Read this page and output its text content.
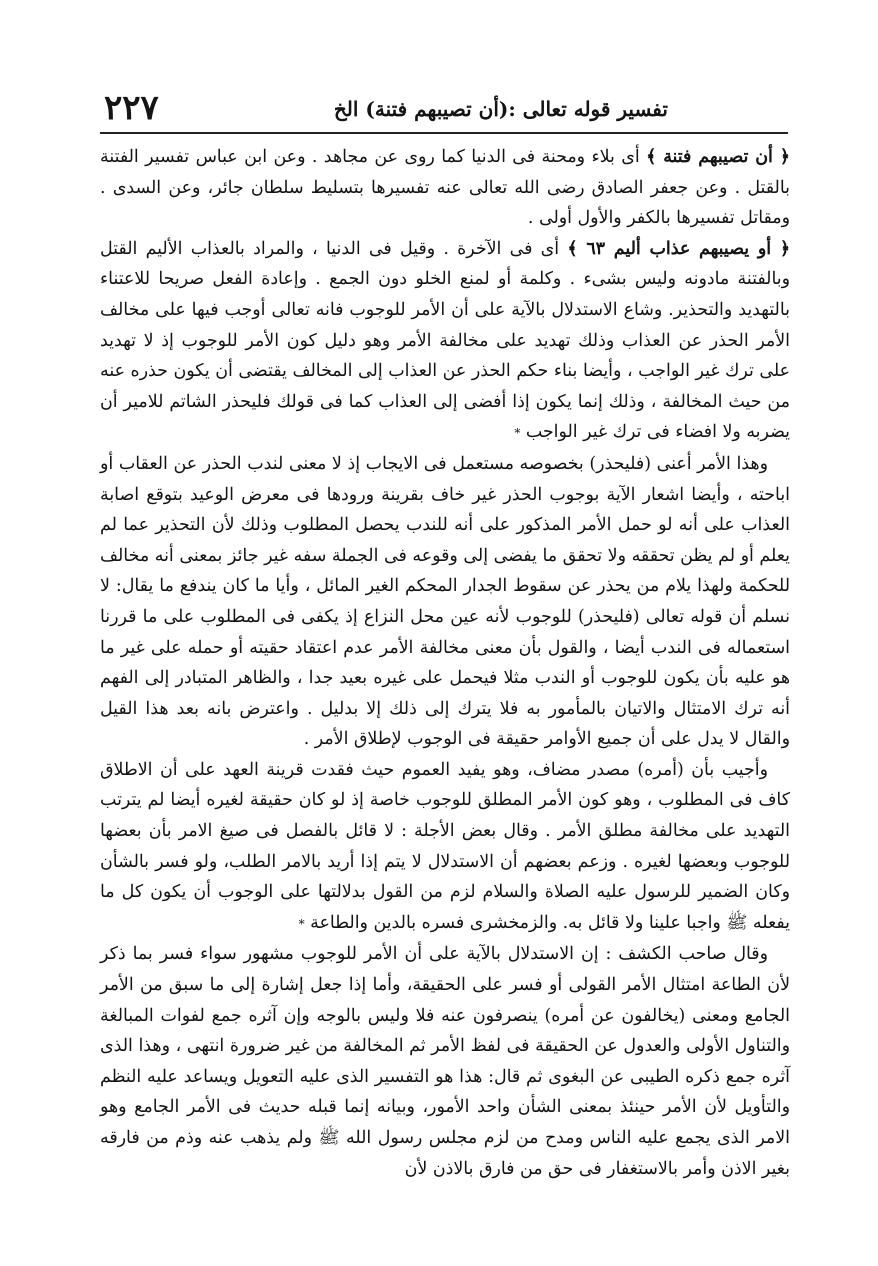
٢٢٧	تفسير قوله تعالى :(أن تصيبهم فتنة) الخ

﴿ أن تصيبهم فتنة ﴾ أى بلاء ومحنة فى الدنيا كما روى عن مجاهد . وعن ابن عباس تفسير الفتنة بالقتل . وعن جعفر الصادق رضى الله تعالى عنه تفسيرها بتسليط سلطان جائر، وعن السدى . ومقاتل تفسيرها بالكفر والأول أولى .

﴿ أو يصيبهم عذاب أليم ٦٣ ﴾ أى فى الآخرة . وقيل فى الدنيا ، والمراد بالعذاب الأليم القتل وبالفتنة مادونه وليس بشىء . وكلمة أو لمنع الخلو دون الجمع . وإعادة الفعل صريحا للاعتناء بالتهديد والتحذير. وشاع الاستدلال بالآية على أن الأمر للوجوب فانه تعالى أوجب فيها على مخالف الأمر الحذر عن العذاب وذلك تهديد على مخالفة الأمر وهو دليل كون الأمر للوجوب إذ لا تهديد على ترك غير الواجب ، وأيضا بناء حكم الحذر عن العذاب إلى المخالف يقتضى أن يكون حذره عنه من حيث المخالفة ، وذلك إنما يكون إذا أفضى إلى العذاب كما فى قولك فليحذر الشاتم للامير أن يضربه ولا افضاء فى ترك غير الواجب *

وهذا الأمر أعنى (فليحذر) بخصوصه مستعمل فى الايجاب إذ لا معنى لندب الحذر عن العقاب أو اباحته ، وأيضا اشعار الآية بوجوب الحذر غير خاف بقرينة ورودها فى معرض الوعيد بتوقع اصابة العذاب على أنه لو حمل الأمر المذكور على أنه للندب يحصل المطلوب وذلك لأن التحذير عما لم يعلم أو لم يظن تحققه ولا تحقق ما يفضى إلى وقوعه فى الجملة سفه غير جائز بمعنى أنه مخالف للحكمة ولهذا يلام من يحذر عن سقوط الجدار المحكم الغير المائل ، وأيا ما كان يندفع ما يقال: لا نسلم أن قوله تعالى (فليحذر) للوجوب لأنه عين محل النزاع إذ يكفى فى المطلوب على ما قررنا استعماله فى الندب أيضا ، والقول بأن معنى مخالفة الأمر عدم اعتقاد حقيته أو حمله على غير ما هو عليه بأن يكون للوجوب أو الندب مثلا فيحمل على غيره بعيد جدا ، والظاهر المتبادر إلى الفهم أنه ترك الامتثال والاتيان بالمأمور به فلا يترك إلى ذلك إلا بدليل . واعترض بانه بعد هذا القيل والقال لا يدل على أن جميع الأوامر حقيقة فى الوجوب لإطلاق الأمر .

وأجيب بأن (أمره) مصدر مضاف، وهو يفيد العموم حيث فقدت قرينة العهد على أن الاطلاق كاف فى المطلوب ، وهو كون الأمر المطلق للوجوب خاصة إذ لو كان حقيقة لغيره أيضا لم يترتب التهديد على مخالفة مطلق الأمر . وقال بعض الأجلة : لا قائل بالفصل فى صيغ الامر بأن بعضها للوجوب وبعضها لغيره . وزعم بعضهم أن الاستدلال لا يتم إذا أريد بالامر الطلب، ولو فسر بالشأن وكان الضمير للرسول عليه الصلاة والسلام لزم من القول بدلالتها على الوجوب أن يكون كل ما يفعله ﷺ واجبا علينا ولا قائل به. والزمخشرى فسره بالدين والطاعة *

وقال صاحب الكشف : إن الاستدلال بالآية على أن الأمر للوجوب مشهور سواء فسر بما ذكر لأن الطاعة امتثال الأمر القولى أو فسر على الحقيقة، وأما إذا جعل إشارة إلى ما سبق من الأمر الجامع ومعنى (يخالفون عن أمره) ينصرفون عنه فلا وليس بالوجه وإن آثره جمع لفوات المبالغة والتناول الأولى والعدول عن الحقيقة فى لفظ الأمر ثم المخالفة من غير ضرورة انتهى ، وهذا الذى آثره جمع ذكره الطيبى عن البغوى ثم قال: هذا هو التفسير الذى عليه التعويل ويساعد عليه النظم والتأويل لأن الأمر حينئذ بمعنى الشأن واحد الأمور، وبيانه إنما قبله حديث فى الأمر الجامع وهو الامر الذى يجمع عليه الناس ومدح من لزم مجلس رسول الله ﷺ ولم يذهب عنه وذم من فارقه بغير الاذن وأمر بالاستغفار فى حق من فارق بالاذن لأن
